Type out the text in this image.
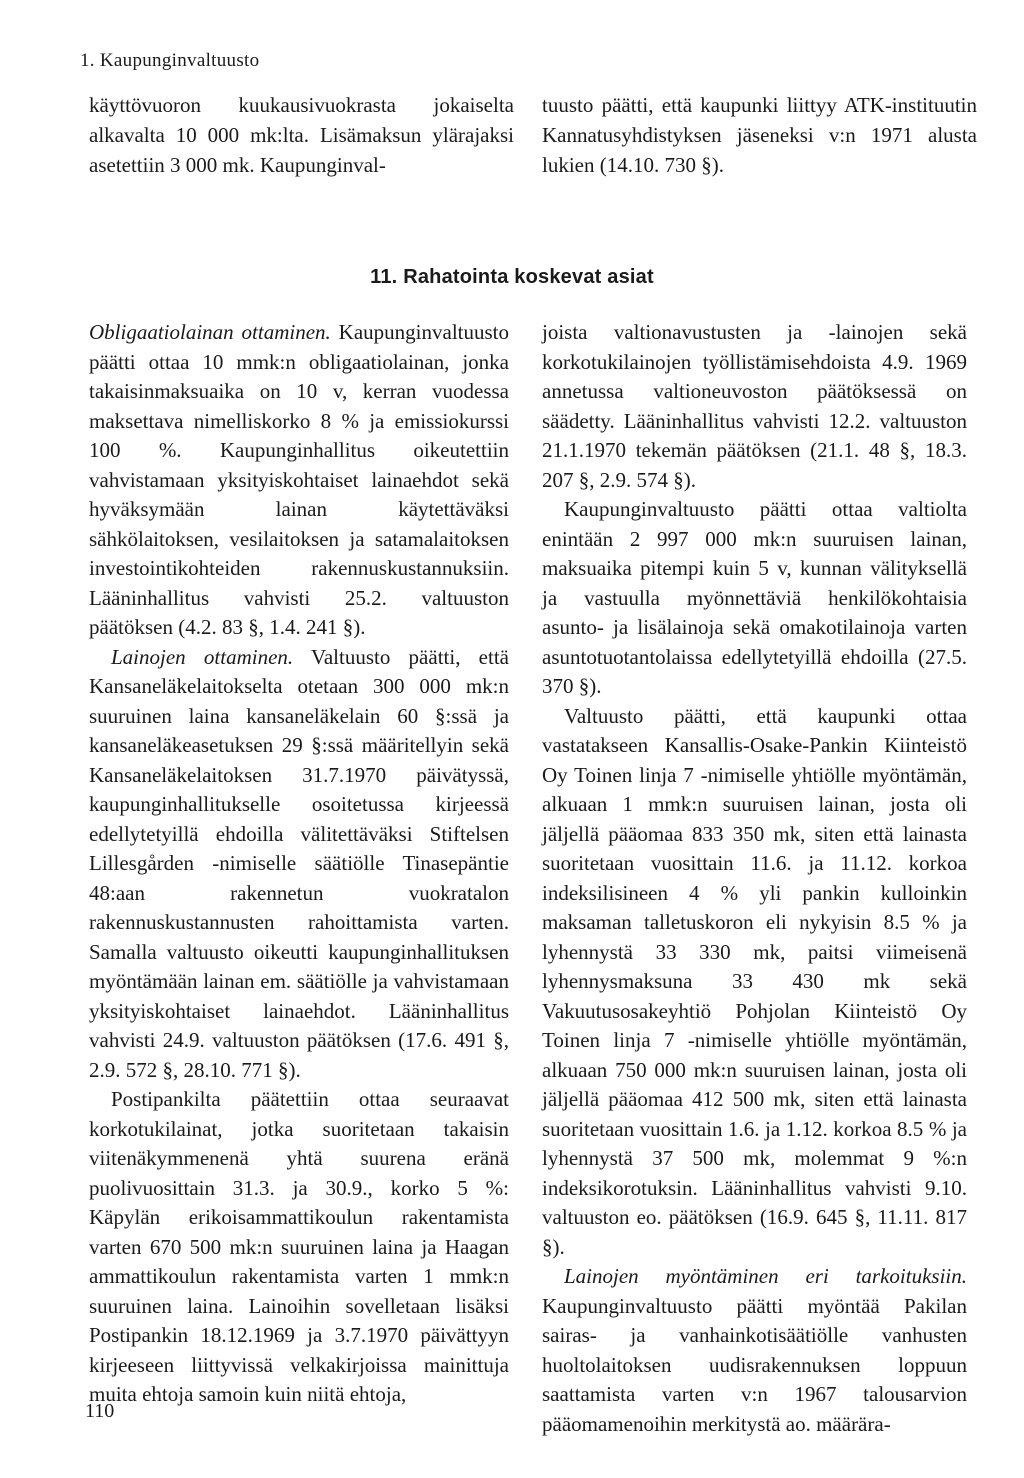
1. Kaupunginvaltuusto

käyttövuoron kuukausivuokrasta jokaiselta alkavalta 10 000 mk:lta. Lisämaksun ylärajaksi asetettiin 3 000 mk. Kaupunginval-

tuusto päätti, että kaupunki liittyy ATK-instituutin Kannatusyhdistyksen jäseneksi v:n 1971 alusta lukien (14.10. 730 §).

11. Rahatointa koskevat asiat

Obligaatiolainan ottaminen. Kaupunginvaltuusto päätti ottaa 10 mmk:n obligaatiolainan, jonka takaisinmaksuaika on 10 v, kerran vuodessa maksettava nimelliskorko 8 % ja emissiokurssi 100 %. Kaupunginhallitus oikeutettiin vahvistamaan yksityiskohtaiset lainaehdot sekä hyväksymään lainan käytettäväksi sähkölaitoksen, vesilaitoksen ja satamalaitoksen investointikohteiden rakennuskustannuksiin. Lääninhallitus vahvisti 25.2. valtuuston päätöksen (4.2. 83 §, 1.4. 241 §).

Lainojen ottaminen. Valtuusto päätti, että Kansaneläkelaitokselta otetaan 300 000 mk:n suuruinen laina kansaneläkelain 60 §:ssä ja kansaneläkeasetuksen 29 §:ssä määritellyin sekä Kansaneläkelaitoksen 31.7.1970 päivätyssä, kaupunginhallitukselle osoitetussa kirjeessä edellytetyillä ehdoilla välitettäväksi Stiftelsen Lillesgården -nimiselle säätiölle Tinasepäntie 48:aan rakennetun vuokratalon rakennuskustannusten rahoittamista varten. Samalla valtuusto oikeutti kaupunginhallituksen myöntämään lainan em. säätiölle ja vahvistamaan yksityiskohtaiset lainaehdot. Lääninhallitus vahvisti 24.9. valtuuston päätöksen (17.6. 491 §, 2.9. 572 §, 28.10. 771 §).

Postipankilta päätettiin ottaa seuraavat korkotukilainat, jotka suoritetaan takaisin viitenäkymmenenä yhtä suurena eränä puolivuosittain 31.3. ja 30.9., korko 5 %: Käpylän erikoisammattikoulun rakentamista varten 670 500 mk:n suuruinen laina ja Haagan ammattikoulun rakentamista varten 1 mmk:n suuruinen laina. Lainoihin sovelletaan lisäksi Postipankin 18.12.1969 ja 3.7.1970 päivättyyn kirjeeseen liittyvissä velkakirjoissa mainittuja muita ehtoja samoin kuin niitä ehtoja,

joista valtionavustusten ja -lainojen sekä korkotukilainojen työllistämisehdoista 4.9. 1969 annetussa valtioneuvoston päätöksessä on säädetty. Lääninhallitus vahvisti 12.2. valtuuston 21.1.1970 tekemän päätöksen (21.1. 48 §, 18.3. 207 §, 2.9. 574 §).

Kaupunginvaltuusto päätti ottaa valtiolta enintään 2 997 000 mk:n suuruisen lainan, maksuaika pitempi kuin 5 v, kunnan välityksellä ja vastuulla myönnettäviä henkilökohtaisia asunto- ja lisälainoja sekä omakotilainoja varten asuntotuotantolaissa edellytetyillä ehdoilla (27.5. 370 §).

Valtuusto päätti, että kaupunki ottaa vastatakseen Kansallis-Osake-Pankin Kiinteistö Oy Toinen linja 7 -nimiselle yhtiölle myöntämän, alkuaan 1 mmk:n suuruisen lainan, josta oli jäljellä pääomaa 833 350 mk, siten että lainasta suoritetaan vuosittain 11.6. ja 11.12. korkoa indeksilisineen 4 % yli pankin kulloinkin maksaman talletuskoron eli nykyisin 8.5 % ja lyhennystä 33 330 mk, paitsi viimeisenä lyhennysmaksuna 33 430 mk sekä Vakuutusosakeyhtiö Pohjolan Kiinteistö Oy Toinen linja 7 -nimiselle yhtiölle myöntämän, alkuaan 750 000 mk:n suuruisen lainan, josta oli jäljellä pääomaa 412 500 mk, siten että lainasta suoritetaan vuosittain 1.6. ja 1.12. korkoa 8.5 % ja lyhennystä 37 500 mk, molemmat 9 %:n indeksikorotuksin. Lääninhallitus vahvisti 9.10. valtuuston eo. päätöksen (16.9. 645 §, 11.11. 817 §).

Lainojen myöntäminen eri tarkoituksiin. Kaupunginvaltuusto päätti myöntää Pakilan sairas- ja vanhainkotisäätiölle vanhusten huoltolaitoksen uudisrakennuksen loppuun saattamista varten v:n 1967 talousarvion pääomamenoihin merkitystä ao. määrära-

110
